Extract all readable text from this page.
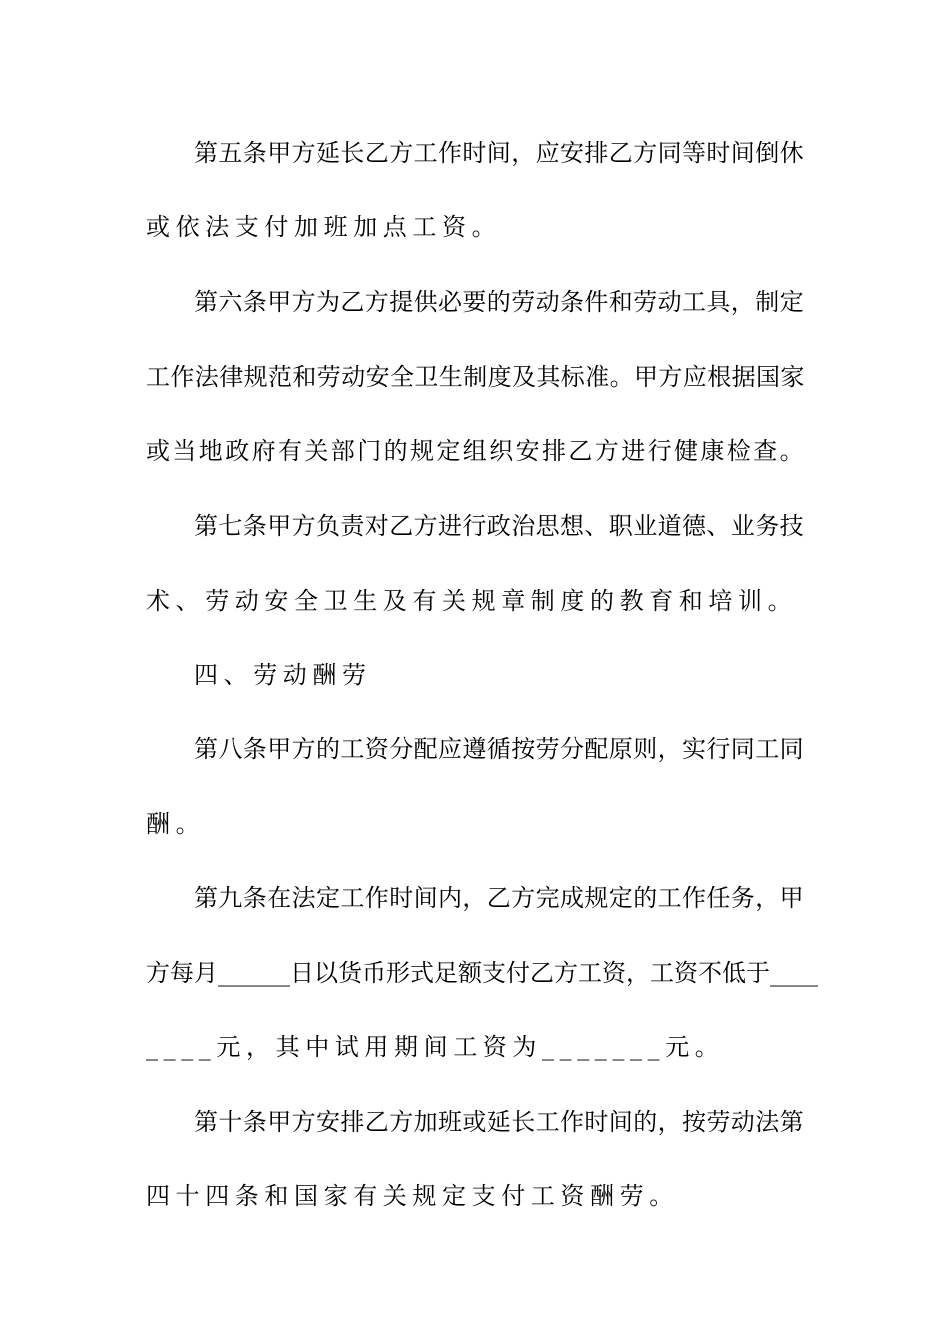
第五条甲方延长乙方工作时间，应安排乙方同等时间倒休
或依法支付加班加点工资。
第六条甲方为乙方提供必要的劳动条件和劳动工具，制定
工作法律规范和劳动安全卫生制度及其标准。甲方应根据国家
或当地政府有关部门的规定组织安排乙方进行健康检查。
第七条甲方负责对乙方进行政治思想、职业道德、业务技
术、劳动安全卫生及有关规章制度的教育和培训。
四、劳动酬劳
第八条甲方的工资分配应遵循按劳分配原则，实行同工同
酬。
第九条在法定工作时间内，乙方完成规定的工作任务，甲
方每月______日以货币形式足额支付乙方工资，工资不低于____
____元，其中试用期间工资为_______元。
第十条甲方安排乙方加班或延长工作时间的，按劳动法第
四十四条和国家有关规定支付工资酬劳。
